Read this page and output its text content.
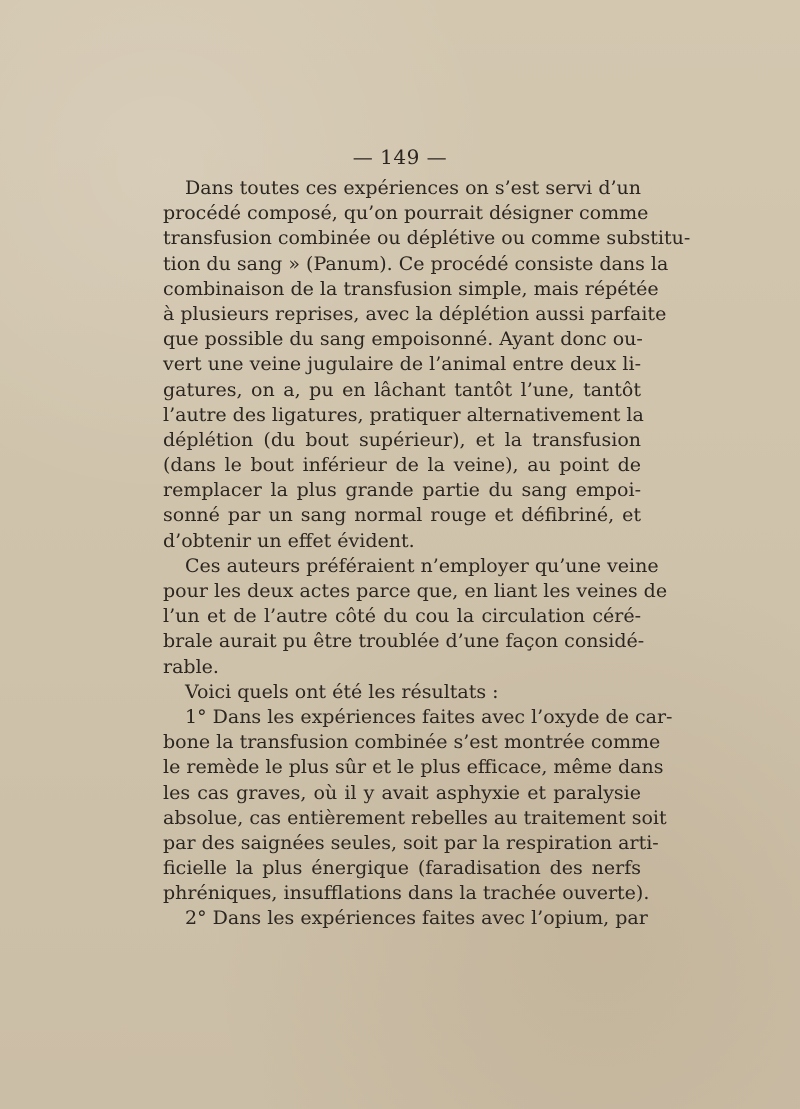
— 149 —
Dans toutes ces expériences on s’est servi d’un
procédé composé, qu’on pourrait désigner comme
transfusion combinée ou déplétive ou comme substitu-
tion du sang » (Panum). Ce procédé consiste dans la
combinaison de la transfusion simple, mais répétée
à plusieurs reprises, avec la déplétion aussi parfaite
que possible du sang empoisonné. Ayant donc ou-
vert une veine jugulaire de l’animal entre deux li-
gatures, on a, pu en lâchant tantôt l’une, tantôt
l’autre des ligatures, pratiquer alternativement la
déplétion (du bout supérieur), et la transfusion
(dans le bout inférieur de la veine), au point de
remplacer la plus grande partie du sang empoi-
sonné par un sang normal rouge et défibriné, et
d’obtenir un effet évident.
Ces auteurs préféraient n’employer qu’une veine
pour les deux actes parce que, en liant les veines de
l’un et de l’autre côté du cou la circulation céré-
brale aurait pu être troublée d’une façon considé-
rable.
Voici quels ont été les résultats :
1° Dans les expériences faites avec l’oxyde de car-
bone la transfusion combinée s’est montrée comme
le remède le plus sûr et le plus efficace, même dans
les cas graves, où il y avait asphyxie et paralysie
absolue, cas entièrement rebelles au traitement soit
par des saignées seules, soit par la respiration arti-
ficielle la plus énergique (faradisation des nerfs
phréniques, insufflations dans la trachée ouverte).
2° Dans les expériences faites avec l’opium, par
